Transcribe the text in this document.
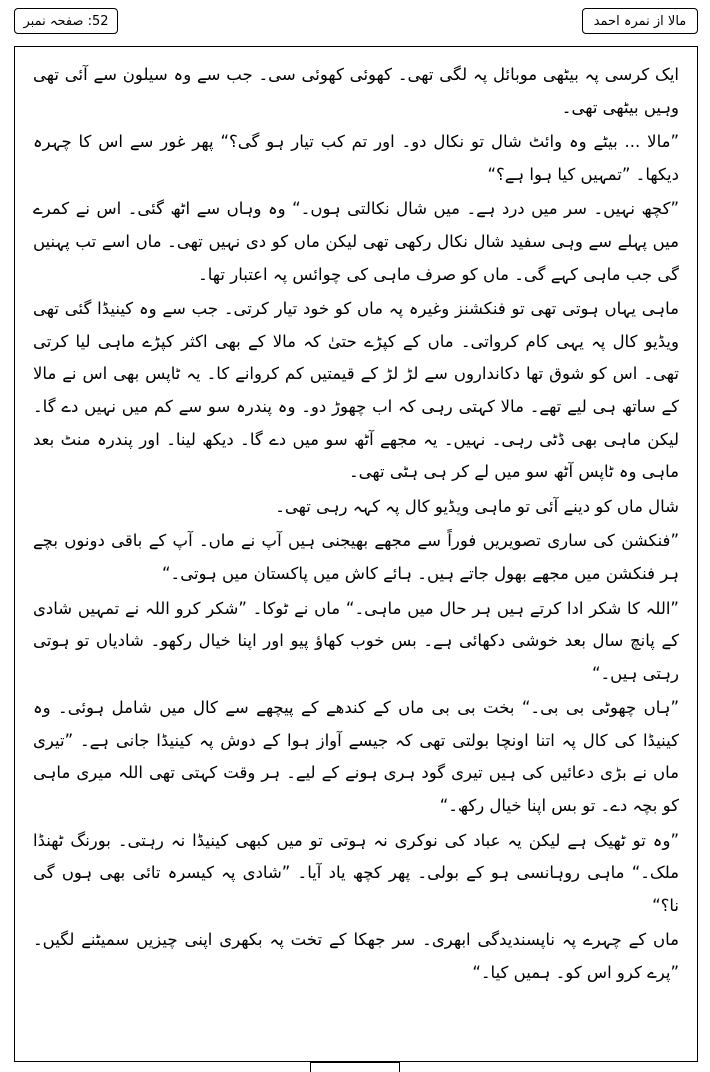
صفحہ نمبر : 52	مالا از نمرہ احمد

ایک کرسی پہ بیٹھی موبائل پہ لگی تھی۔ کھوئی کھوئی سی۔ جب سے وہ سیلون سے آئی تھی وہیں بیٹھی تھی۔

”مالا ... بیٹے وہ وائٹ شال تو نکال دو۔ اور تم کب تیار ہو گی؟“ پھر غور سے اس کا چہرہ دیکھا۔ ”تمہیں کیا ہوا ہے؟“

”کچھ نہیں۔ سر میں درد ہے۔ میں شال نکالتی ہوں۔“ وہ وہاں سے اٹھ گئی۔ اس نے کمرے میں پہلے سے وہی سفید شال نکال رکھی تھی لیکن ماں کو دی نہیں تھی۔ ماں اسے تب پہنیں گی جب ماہی کہے گی۔ ماں کو صرف ماہی کی چوائس پہ اعتبار تھا۔

ماہی یہاں ہوتی تھی تو فنکشنز وغیرہ پہ ماں کو خود تیار کرتی۔ جب سے وہ کینیڈا گئی تھی ویڈیو کال پہ یہی کام کرواتی۔ ماں کے کپڑے حتیٰ کہ مالا کے بھی اکثر کپڑے ماہی لیا کرتی تھی۔ اس کو شوق تھا دکانداروں سے لڑ لڑ کے قیمتیں کم کروانے کا۔ یہ ٹاپس بھی اس نے مالا کے ساتھ ہی لیے تھے۔ مالا کہتی رہی کہ اب چھوڑ دو۔ وہ پندرہ سو سے کم میں نہیں دے گا۔ لیکن ماہی بھی ڈٹی رہی۔ نہیں۔ یہ مجھے آٹھ سو میں دے گا۔ دیکھ لینا۔ اور پندرہ منٹ بعد ماہی وہ ٹاپس آٹھ سو میں لے کر ہی ہٹی تھی۔

شال ماں کو دینے آئی تو ماہی ویڈیو کال پہ کہہ رہی تھی۔

”فنکشن کی ساری تصویریں فوراً سے مجھے بھیجنی ہیں آپ نے ماں۔ آپ کے باقی دونوں بچے ہر فنکشن میں مجھے بھول جاتے ہیں۔ ہائے کاش میں پاکستان میں ہوتی۔“

”اللہ کا شکر ادا کرتے ہیں ہر حال میں ماہی۔“ ماں نے ٹوکا۔ ”شکر کرو اللہ نے تمہیں شادی کے پانچ سال بعد خوشی دکھائی ہے۔ بس خوب کھاؤ پیو اور اپنا خیال رکھو۔ شادیاں تو ہوتی رہتی ہیں۔“

”ہاں چھوٹی بی بی۔“ بخت بی بی ماں کے کندھے کے پیچھے سے کال میں شامل ہوئی۔ وہ کینیڈا کی کال پہ اتنا اونچا بولتی تھی کہ جیسے آواز ہوا کے دوش پہ کینیڈا جانی ہے۔ ”تیری ماں نے بڑی دعائیں کی ہیں تیری گود ہری ہونے کے لیے۔ ہر وقت کہتی تھی اللہ میری ماہی کو بچہ دے۔ تو بس اپنا خیال رکھ۔“

”وہ تو ٹھیک ہے لیکن یہ عباد کی نوکری نہ ہوتی تو میں کبھی کینیڈا نہ رہتی۔ بورنگ ٹھنڈا ملک۔“ ماہی روہانسی ہو کے بولی۔ پھر کچھ یاد آیا۔ ”شادی پہ کیسرہ تائی بھی ہوں گی نا؟“

ماں کے چہرے پہ ناپسندیدگی ابھری۔ سر جھکا کے تخت پہ بکھری اپنی چیزیں سمیٹنے لگیں۔ ”پرے کرو اس کو۔ ہمیں کیا۔“
